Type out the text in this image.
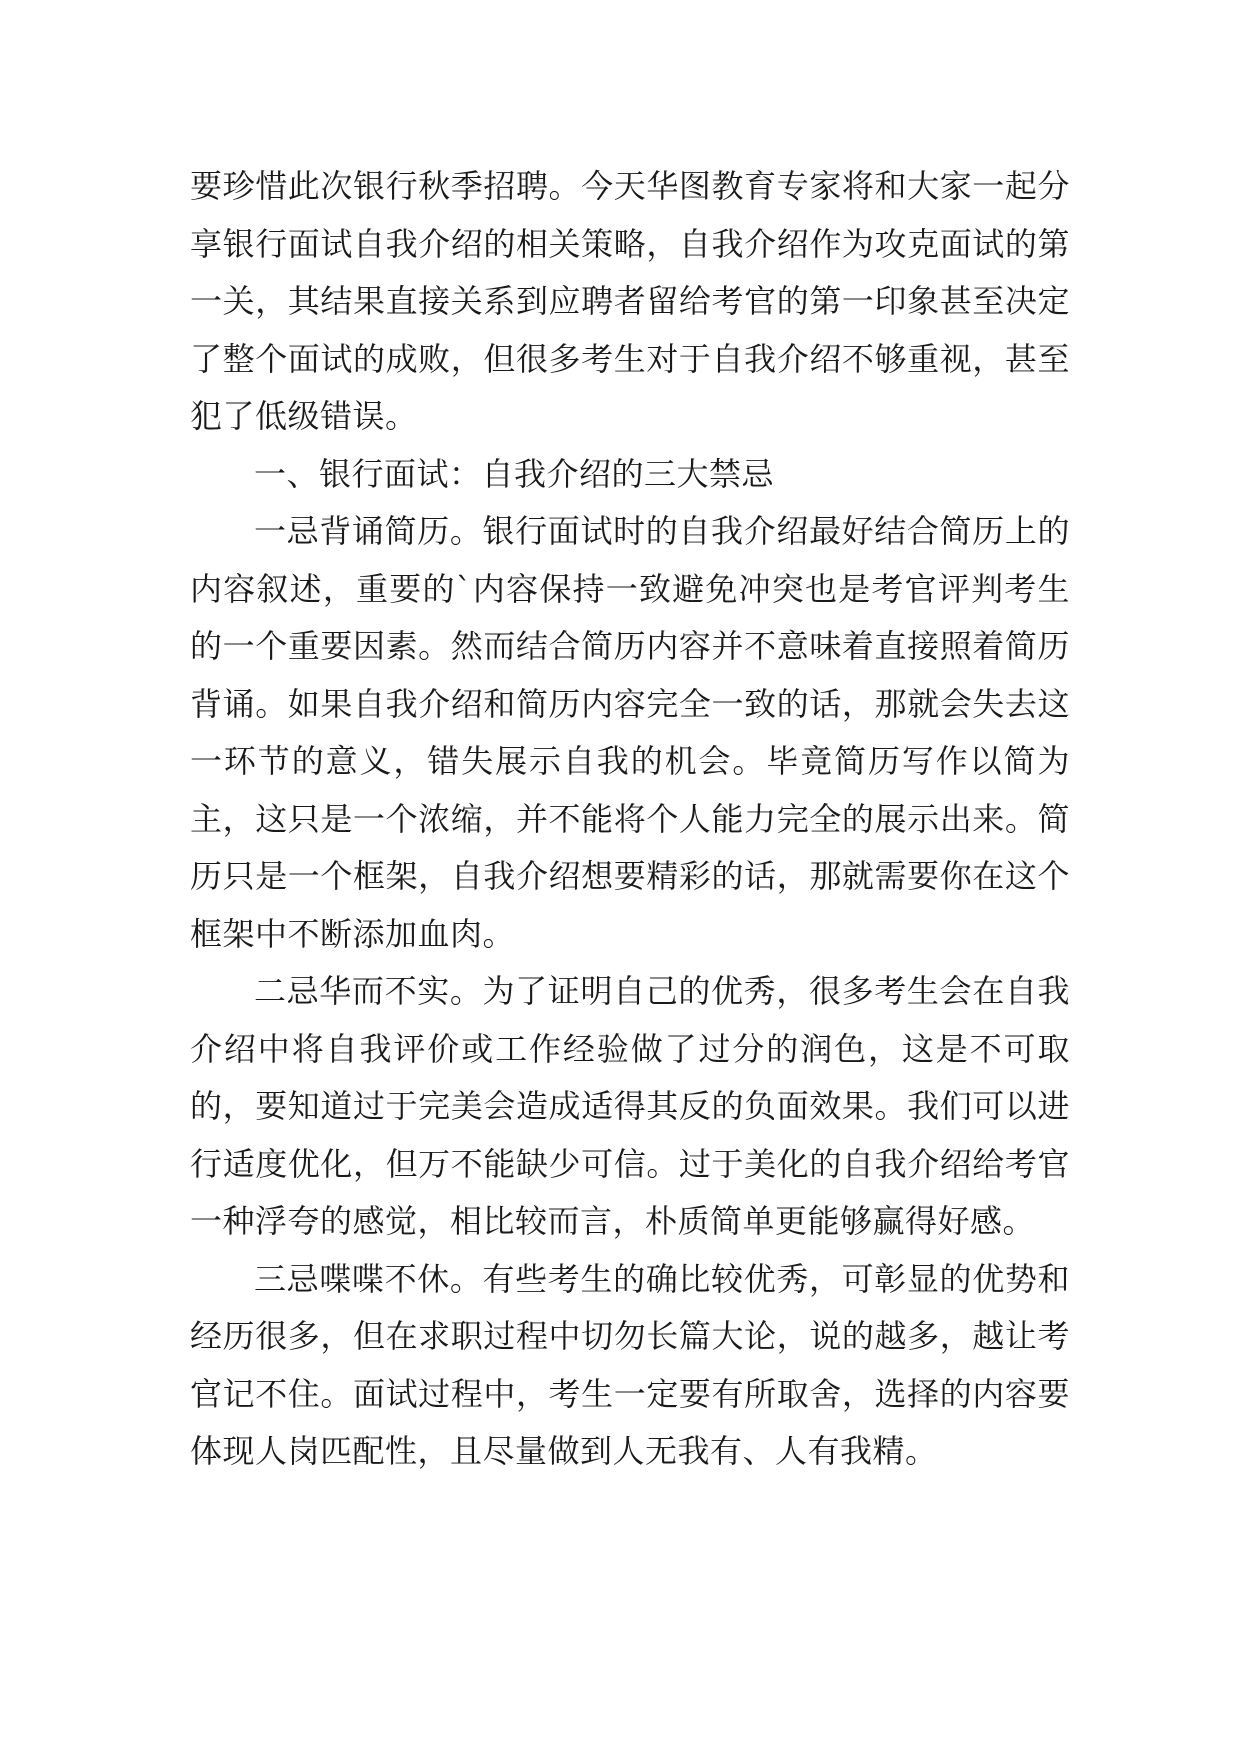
要珍惜此次银行秋季招聘。今天华图教育专家将和大家一起分享银行面试自我介绍的相关策略，自我介绍作为攻克面试的第一关，其结果直接关系到应聘者留给考官的第一印象甚至决定了整个面试的成败，但很多考生对于自我介绍不够重视，甚至犯了低级错误。

一、银行面试：自我介绍的三大禁忌

一忌背诵简历。银行面试时的自我介绍最好结合简历上的内容叙述，重要的`内容保持一致避免冲突也是考官评判考生的一个重要因素。然而结合简历内容并不意味着直接照着简历背诵。如果自我介绍和简历内容完全一致的话，那就会失去这一环节的意义，错失展示自我的机会。毕竟简历写作以简为主，这只是一个浓缩，并不能将个人能力完全的展示出来。简历只是一个框架，自我介绍想要精彩的话，那就需要你在这个框架中不断添加血肉。

二忌华而不实。为了证明自己的优秀，很多考生会在自我介绍中将自我评价或工作经验做了过分的润色，这是不可取的，要知道过于完美会造成适得其反的负面效果。我们可以进行适度优化，但万不能缺少可信。过于美化的自我介绍给考官一种浮夸的感觉，相比较而言，朴质简单更能够赢得好感。

三忌喋喋不休。有些考生的确比较优秀，可彰显的优势和经历很多，但在求职过程中切勿长篇大论，说的越多，越让考官记不住。面试过程中，考生一定要有所取舍，选择的内容要体现人岗匹配性，且尽量做到人无我有、人有我精。
